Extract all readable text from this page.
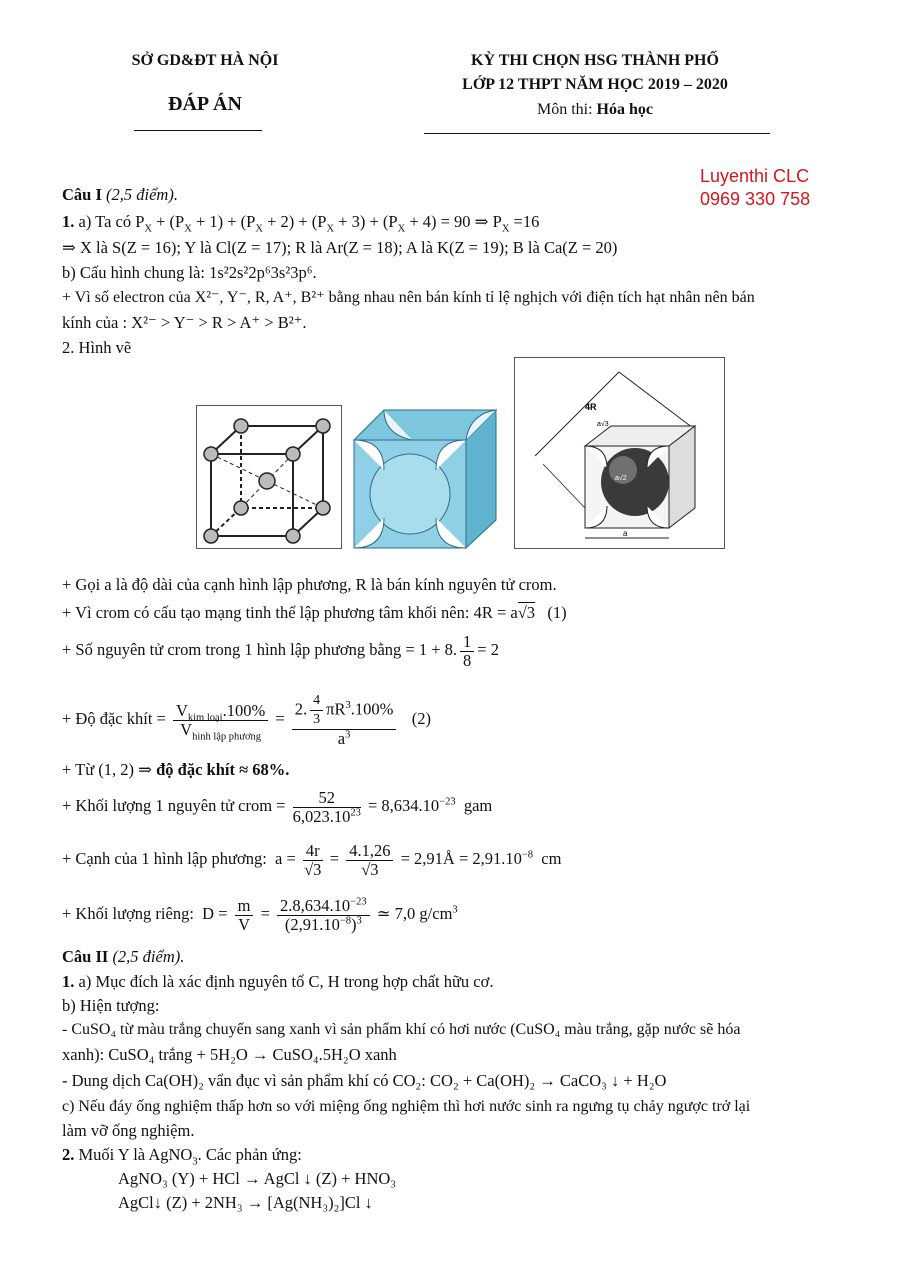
SỞ GD&ĐT HÀ NỘI
ĐÁP ÁN
KỲ THI CHỌN HSG THÀNH PHỐ
LỚP 12 THPT NĂM HỌC 2019 – 2020
Môn thi: Hóa học
Luyenthi CLC
0969 330 758
Câu I (2,5 điểm).
1. a) Ta có $P_X + (P_X + 1) + (P_X + 2) + (P_X + 3) + (P_X + 4) = 90$ ⇒ $P_X =16$
⇒ X là S(Z = 16); Y là Cl(Z = 17); R là Ar(Z = 18); A là K(Z = 19); B là Ca(Z = 20)
b) Cấu hình chung là: 1s²2s²2p⁶3s²3p⁶.
+ Vì số electron của X²⁻, Y⁻, R, A⁺, B²⁺ bằng nhau nên bán kính tỉ lệ nghịch với điện tích hạt nhân nên bán
kính của : X²⁻ > Y⁻ > R > A⁺ > B²⁺.
2. Hình vẽ
4R
a√3
a√2
a
+ Gọi a là độ dài của cạnh hình lập phương, R là bán kính nguyên tử crom.
+ Vì crom có cấu tạo mạng tinh thể lập phương tâm khối nên: 4R = a√3   (1)
+ Số nguyên tử crom trong 1 hình lập phương bằng = 1 + 8. $\frac{1}{8} = 2$
+ Độ đặc khít = $\frac{V_{kim loại}.100\%}{V_{hình lập phương}} = \frac{2. \frac{4}{3} \pi R^3.100\%}{a^3} (2)$
+ Từ (1, 2) ⇒ độ đặc khít ≈ 68%.
+ Khối lượng 1 nguyên tử crom = $\frac{52}{6,023.10^{23}} = 8,634.10^{-23}$  gam
+ Cạnh của 1 hình lập phương:  $a = \frac{4r}{√3} = \frac{4.1,26}{√3}$ = 2,91Å = $2,91.10^{-8}$  cm
+ Khối lượng riêng:  $D = \frac{m}{V} = \frac{2.8,634.10^{-23}}{(2,91.10^{-8})^3}$ ≃ 7,0 $g/cm^3$
Câu II (2,5 điểm).
1. a) Mục đích là xác định nguyên tố C, H trong hợp chất hữu cơ.
b) Hiện tượng:
- CuSO₄ từ màu trắng chuyển sang xanh vì sản phẩm khí có hơi nước (CuSO₄ màu trắng, gặp nước sẽ hóa
xanh): CuSO₄ trắng + 5H₂O → CuSO₄.5H₂O xanh
- Dung dịch Ca(OH)₂ vẩn đục vì sản phẩm khí có CO₂: CO₂ + Ca(OH)₂ → CaCO₃ ↓ + H₂O
c) Nếu đáy ống nghiệm thấp hơn so với miệng ống nghiệm thì hơi nước sinh ra ngưng tụ chảy ngược trở lại
làm vỡ ống nghiệm.
2. Muối Y là AgNO$_3$. Các phản ứng:
AgNO₃ (Y) + HCl → AgCl ↓ (Z) + HNO₃
AgCl↓ (Z) + 2NH₃ → [Ag(NH₃)₂]Cl ↓
